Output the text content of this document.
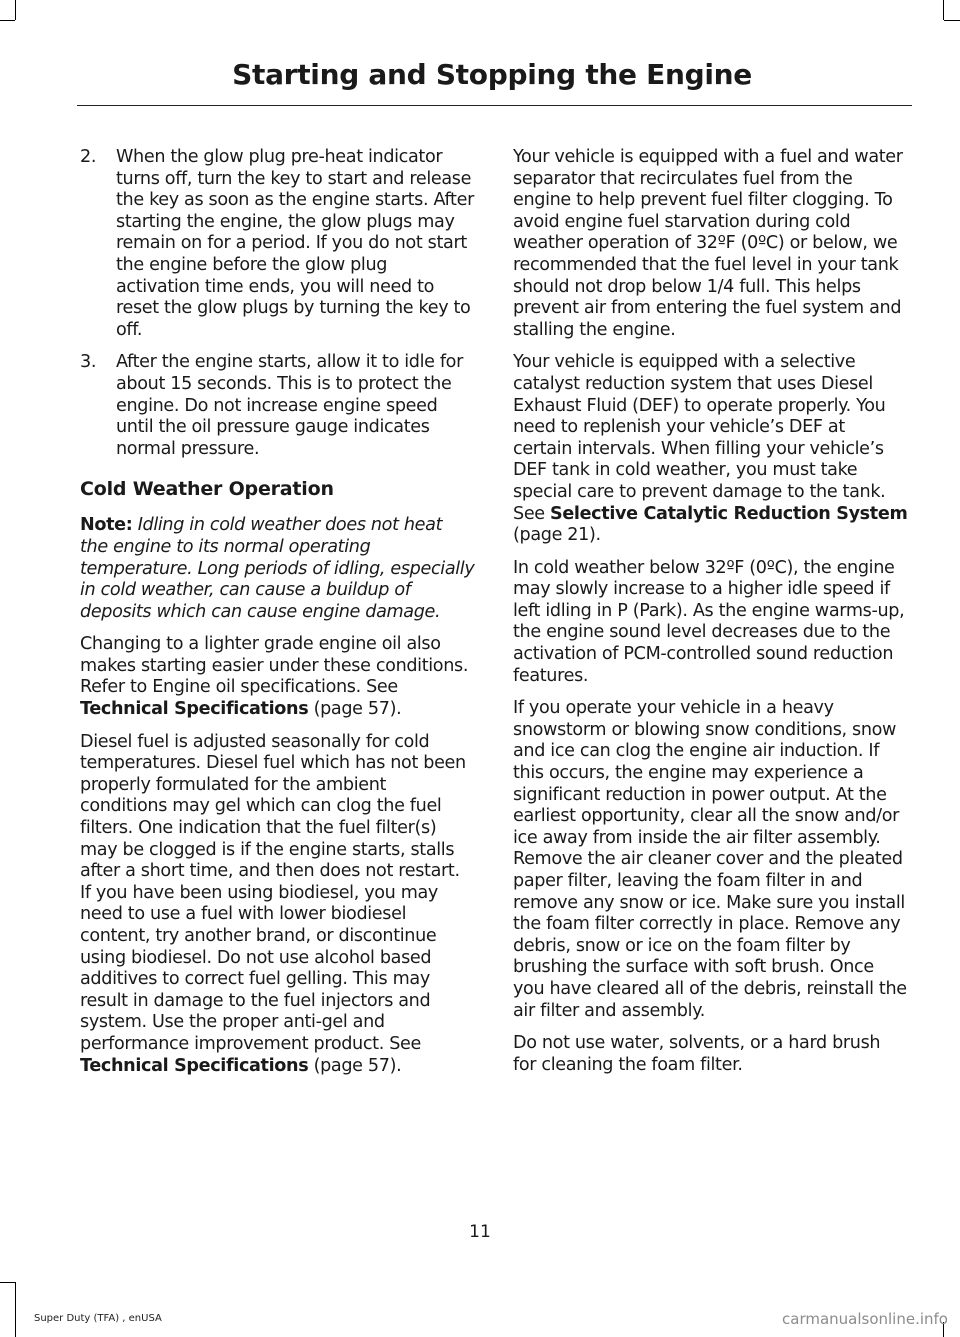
Starting and Stopping the Engine
2. When the glow plug pre-heat indicator turns off, turn the key to start and release the key as soon as the engine starts. After starting the engine, the glow plugs may remain on for a period. If you do not start the engine before the glow plug activation time ends, you will need to reset the glow plugs by turning the key to off.
3. After the engine starts, allow it to idle for about 15 seconds. This is to protect the engine. Do not increase engine speed until the oil pressure gauge indicates normal pressure.
Cold Weather Operation

Note: Idling in cold weather does not heat the engine to its normal operating temperature. Long periods of idling, especially in cold weather, can cause a buildup of deposits which can cause engine damage.

Changing to a lighter grade engine oil also makes starting easier under these conditions. Refer to Engine oil specifications. See Technical Specifications (page 57).

Diesel fuel is adjusted seasonally for cold temperatures. Diesel fuel which has not been properly formulated for the ambient conditions may gel which can clog the fuel filters. One indication that the fuel filter(s) may be clogged is if the engine starts, stalls after a short time, and then does not restart. If you have been using biodiesel, you may need to use a fuel with lower biodiesel content, try another brand, or discontinue using biodiesel. Do not use alcohol based additives to correct fuel gelling. This may result in damage to the fuel injectors and system. Use the proper anti-gel and performance improvement product. See Technical Specifications (page 57).

Your vehicle is equipped with a fuel and water separator that recirculates fuel from the engine to help prevent fuel filter clogging. To avoid engine fuel starvation during cold weather operation of 32ºF (0ºC) or below, we recommended that the fuel level in your tank should not drop below 1/4 full. This helps prevent air from entering the fuel system and stalling the engine.

Your vehicle is equipped with a selective catalyst reduction system that uses Diesel Exhaust Fluid (DEF) to operate properly. You need to replenish your vehicle’s DEF at certain intervals. When filling your vehicle’s DEF tank in cold weather, you must take special care to prevent damage to the tank. See Selective Catalytic Reduction System (page 21).

In cold weather below 32ºF (0ºC), the engine may slowly increase to a higher idle speed if left idling in P (Park). As the engine warms-up, the engine sound level decreases due to the activation of PCM-controlled sound reduction features.

If you operate your vehicle in a heavy snowstorm or blowing snow conditions, snow and ice can clog the engine air induction. If this occurs, the engine may experience a significant reduction in power output. At the earliest opportunity, clear all the snow and/or ice away from inside the air filter assembly. Remove the air cleaner cover and the pleated paper filter, leaving the foam filter in and remove any snow or ice. Make sure you install the foam filter correctly in place. Remove any debris, snow or ice on the foam filter by brushing the surface with soft brush. Once you have cleared all of the debris, reinstall the air filter and assembly.

Do not use water, solvents, or a hard brush for cleaning the foam filter.

11
Super Duty (TFA) , enUSA	carmanualsonline.info
